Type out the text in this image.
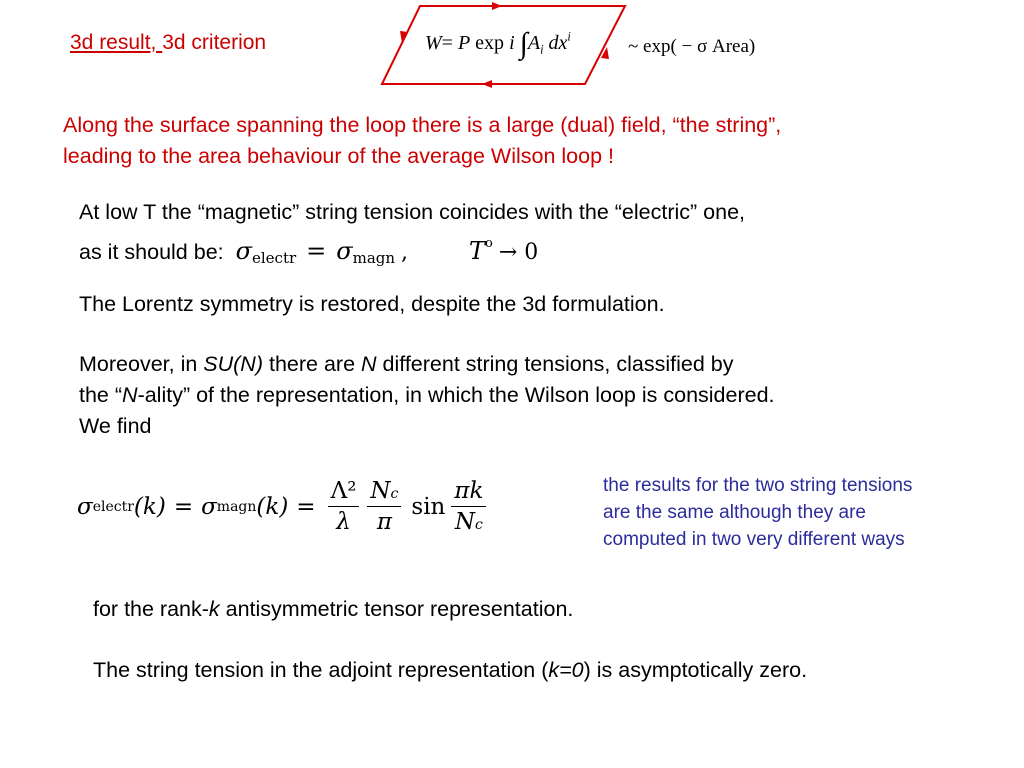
3d result, 3d criterion	W= P exp i $\int A_i$ $dx^i$	~ exp( − σ Area)
Along the surface spanning the loop there is a large (dual) field, “the string”,
leading to the area behaviour of the average Wilson loop !
At low T the “magnetic” string tension coincides with the “electric” one,
as it should be: $\sigma_{electr}$ = σmagn ,	$T^o \to 0$
The Lorentz symmetry is restored, despite the 3d formulation.
Moreover, in SU(N) there are N different string tensions, classified by
the “N-ality” of the representation, in which the Wilson loop is considered.
We find
σ electr (k) = σ magn $(k) = \frac{\text{Λ²}}{\lambda} \frac{Nc}{\pi}$ $\sin \frac{\pi k}{Nc}$	the results for the two string tensions
are the same although they are
computed in two very different ways
for the rank-k antisymmetric tensor representation.
The string tension in the adjoint representation (k=0) is asymptotically zero.
